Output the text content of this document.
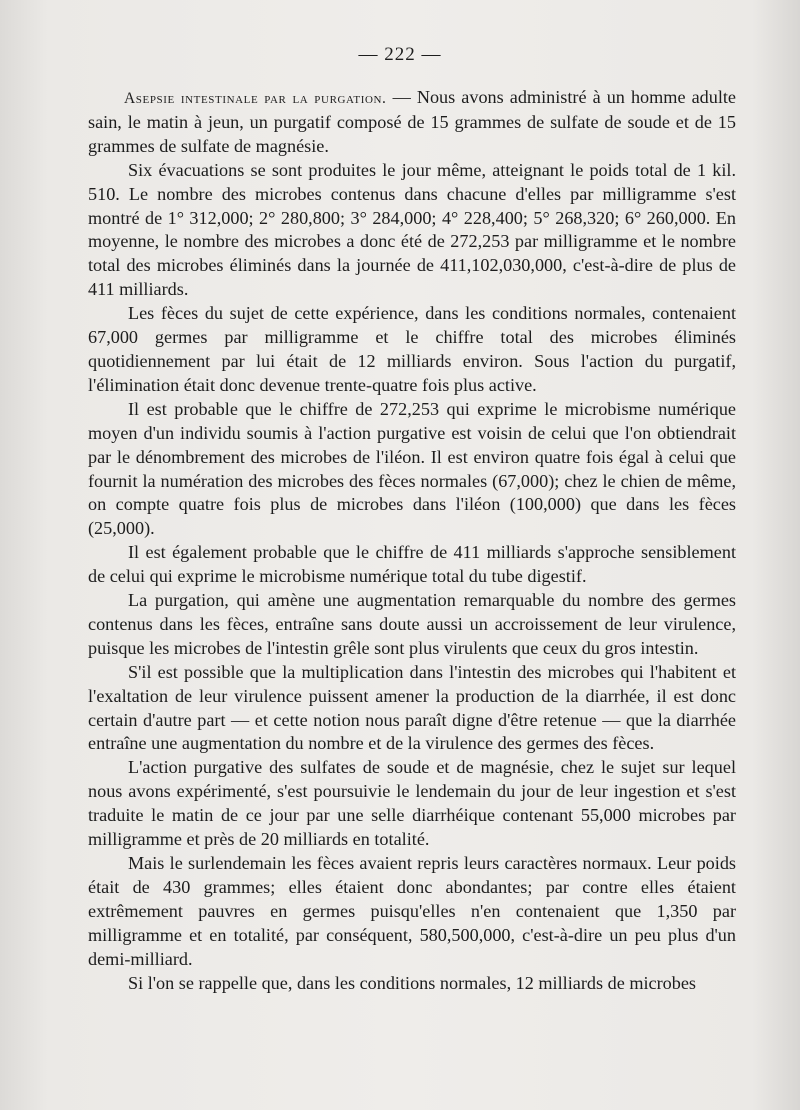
— 222 —

Asepsie intestinale par la purgation. — Nous avons administré à un homme adulte sain, le matin à jeun, un purgatif composé de 15 grammes de sulfate de soude et de 15 grammes de sulfate de magnésie.

Six évacuations se sont produites le jour même, atteignant le poids total de 1 kil. 510. Le nombre des microbes contenus dans chacune d'elles par milligramme s'est montré de 1° 312,000; 2° 280,800; 3° 284,000; 4° 228,400; 5° 268,320; 6° 260,000. En moyenne, le nombre des microbes a donc été de 272,253 par milligramme et le nombre total des microbes éliminés dans la journée de 411,102,030,000, c'est-à-dire de plus de 411 milliards.

Les fèces du sujet de cette expérience, dans les conditions normales, contenaient 67,000 germes par milligramme et le chiffre total des microbes éliminés quotidiennement par lui était de 12 milliards environ. Sous l'action du purgatif, l'élimination était donc devenue trente-quatre fois plus active.

Il est probable que le chiffre de 272,253 qui exprime le microbisme numérique moyen d'un individu soumis à l'action purgative est voisin de celui que l'on obtiendrait par le dénombrement des microbes de l'iléon. Il est environ quatre fois égal à celui que fournit la numération des microbes des fèces normales (67,000); chez le chien de même, on compte quatre fois plus de microbes dans l'iléon (100,000) que dans les fèces (25,000).

Il est également probable que le chiffre de 411 milliards s'approche sensiblement de celui qui exprime le microbisme numérique total du tube digestif.

La purgation, qui amène une augmentation remarquable du nombre des germes contenus dans les fèces, entraîne sans doute aussi un accroissement de leur virulence, puisque les microbes de l'intestin grêle sont plus virulents que ceux du gros intestin.

S'il est possible que la multiplication dans l'intestin des microbes qui l'habitent et l'exaltation de leur virulence puissent amener la production de la diarrhée, il est donc certain d'autre part — et cette notion nous paraît digne d'être retenue — que la diarrhée entraîne une augmentation du nombre et de la virulence des germes des fèces.

L'action purgative des sulfates de soude et de magnésie, chez le sujet sur lequel nous avons expérimenté, s'est poursuivie le lendemain du jour de leur ingestion et s'est traduite le matin de ce jour par une selle diarrhéique contenant 55,000 microbes par milligramme et près de 20 milliards en totalité.

Mais le surlendemain les fèces avaient repris leurs caractères normaux. Leur poids était de 430 grammes; elles étaient donc abondantes; par contre elles étaient extrêmement pauvres en germes puisqu'elles n'en contenaient que 1,350 par milligramme et en totalité, par conséquent, 580,500,000, c'est-à-dire un peu plus d'un demi-milliard.

Si l'on se rappelle que, dans les conditions normales, 12 milliards de microbes
